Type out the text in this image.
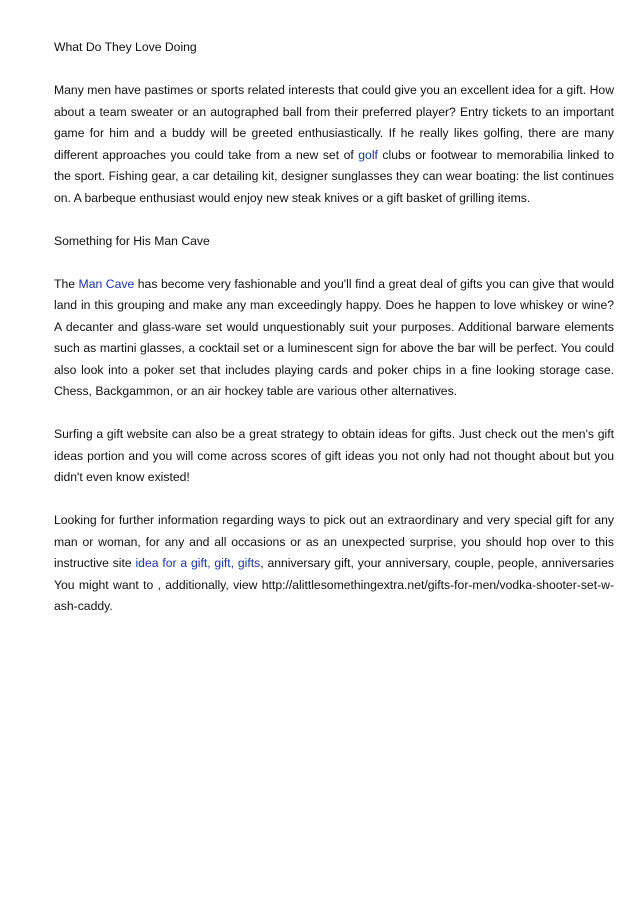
What Do They Love Doing

Many men have pastimes or sports related interests that could give you an excellent idea for a gift. How about a team sweater or an autographed ball from their preferred player? Entry tickets to an important game for him and a buddy will be greeted enthusiastically. If he really likes golfing, there are many different approaches you could take from a new set of golf clubs or footwear to memorabilia linked to the sport. Fishing gear, a car detailing kit, designer sunglasses they can wear boating: the list continues on. A barbeque enthusiast would enjoy new steak knives or a gift basket of grilling items.

Something for His Man Cave

The Man Cave has become very fashionable and you'll find a great deal of gifts you can give that would land in this grouping and make any man exceedingly happy. Does he happen to love whiskey or wine? A decanter and glass-ware set would unquestionably suit your purposes. Additional barware elements such as martini glasses, a cocktail set or a luminescent sign for above the bar will be perfect. You could also look into a poker set that includes playing cards and poker chips in a fine looking storage case. Chess, Backgammon, or an air hockey table are various other alternatives.

Surfing a gift website can also be a great strategy to obtain ideas for gifts. Just check out the men's gift ideas portion and you will come across scores of gift ideas you not only had not thought about but you didn't even know existed!

Looking for further information regarding ways to pick out an extraordinary and very special gift for any man or woman, for any and all occasions or as an unexpected surprise, you should hop over to this instructive site idea for a gift, gift, gifts, anniversary gift, your anniversary, couple, people, anniversaries You might want to , additionally, view http://alittlesomethingextra.net/gifts-for-men/vodka-shooter-set-w-ash-caddy.
